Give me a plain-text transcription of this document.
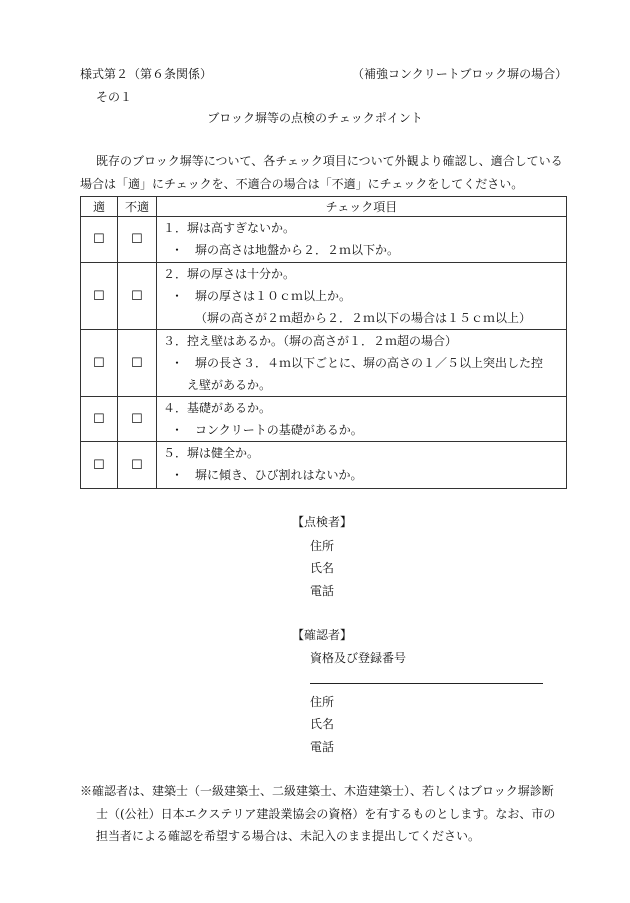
様式第２（第６条関係）	（補強コンクリートブロック塀の場合）
その１
ブロック塀等の点検のチェックポイント
既存のブロック塀等について、各チェック項目について外観より確認し、適合している
場合は「適」にチェックを、不適合の場合は「不適」にチェックをしてください。
適	不適	チェック項目
☐	☐	１．塀は高すぎないか。
・　塀の高さは地盤から２．２ｍ以下か。

☐	☐	２．塀の厚さは十分か。
・　塀の厚さは１０ｃｍ以上か。
（塀の高さが２ｍ超から２．２ｍ以下の場合は１５ｃｍ以上）

☐	☐	３．控え壁はあるか。（塀の高さが１．２ｍ超の場合）
・　塀の長さ３．４ｍ以下ごとに、塀の高さの１／５以上突出した控
え壁があるか。

☐	☐	４．基礎があるか。
・　コンクリートの基礎があるか。

☐	☐	５．塀は健全か。
・　塀に傾き、ひび割れはないか。
【点検者】
住所
氏名
電話
【確認者】
資格及び登録番号
住所
氏名
電話
※確認者は、建築士（一級建築士、二級建築士、木造建築士）、若しくはブロック塀診断
士（(公社）日本エクステリア建設業協会の資格）を有するものとします。なお、市の
担当者による確認を希望する場合は、未記入のまま提出してください。
